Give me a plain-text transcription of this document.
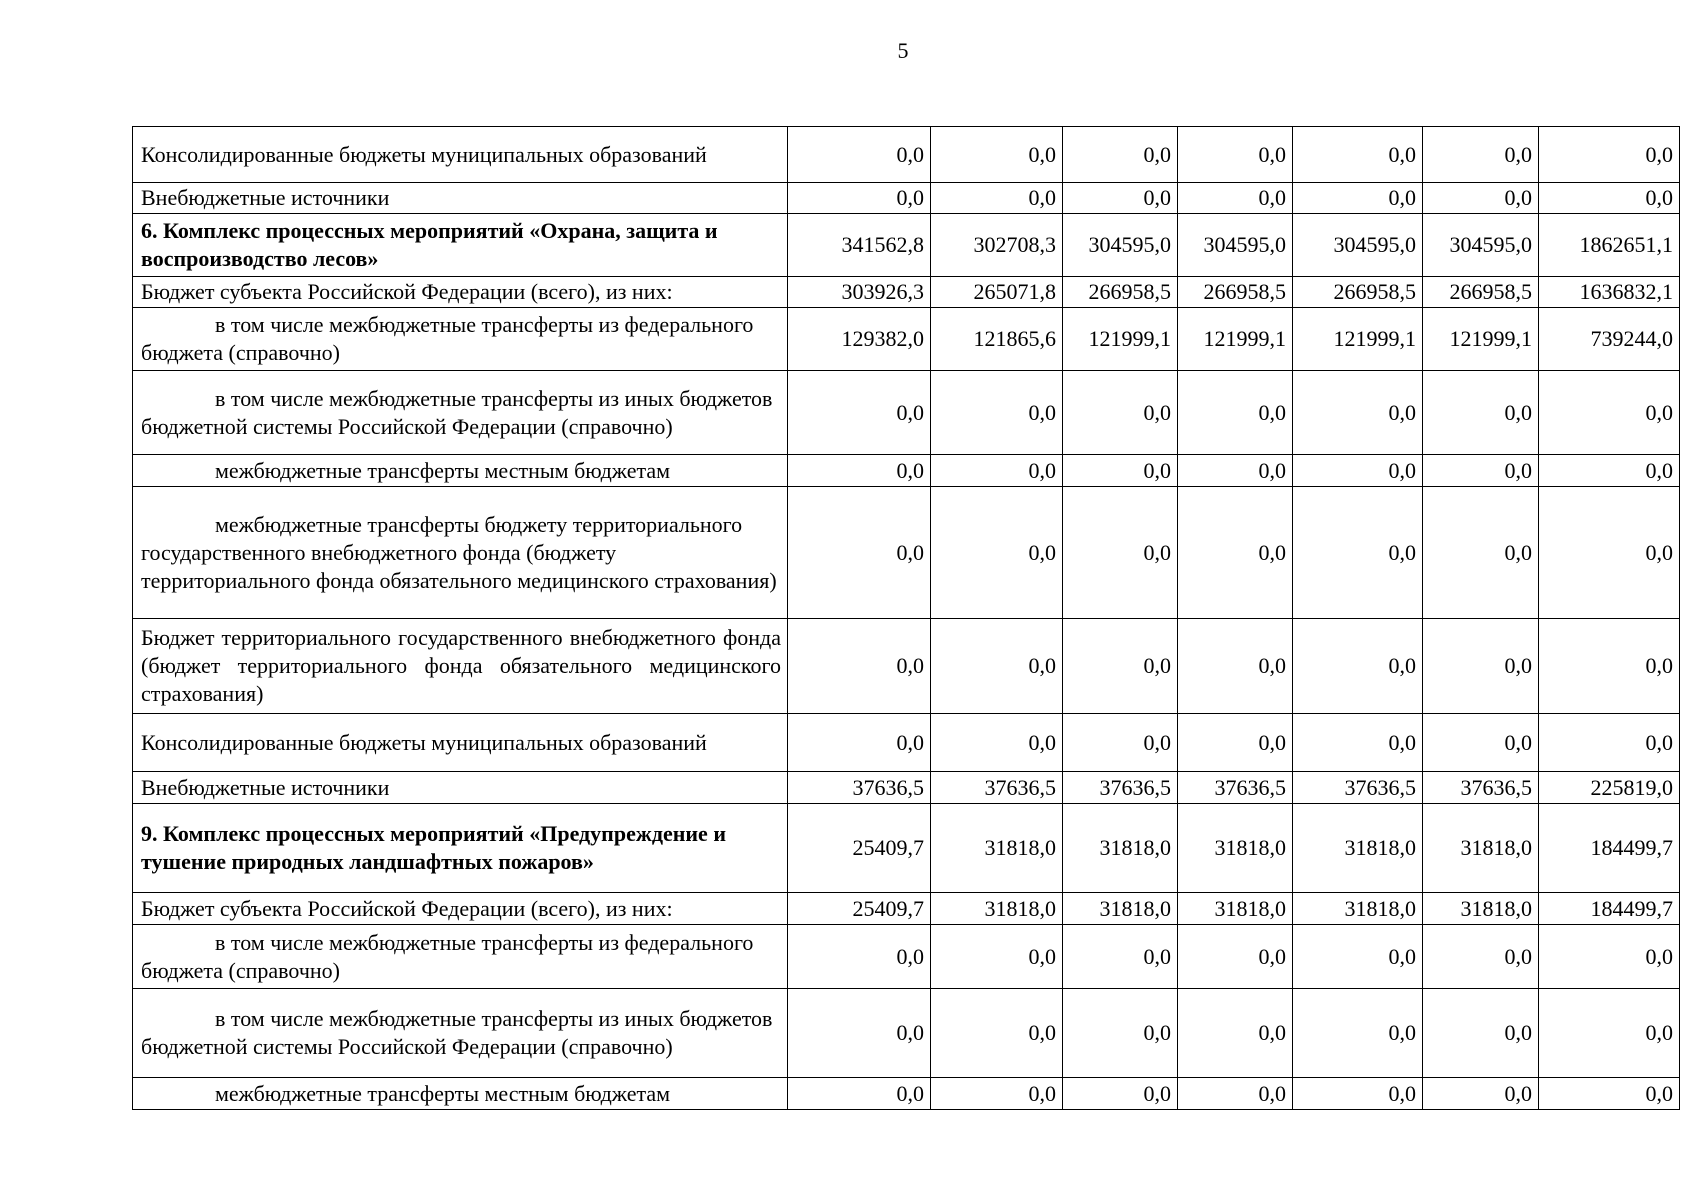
5
Консолидированные бюджеты муниципальных образований	0,0	0,0	0,0	0,0	0,0	0,0	0,0
Внебюджетные источники	0,0	0,0	0,0	0,0	0,0	0,0	0,0
6. Комплекс процессных мероприятий «Охрана, защита и воспроизводство лесов»	341562,8	302708,3	304595,0	304595,0	304595,0	304595,0	1862651,1
Бюджет субъекта Российской Федерации (всего), из них:	303926,3	265071,8	266958,5	266958,5	266958,5	266958,5	1636832,1
в том числе межбюджетные трансферты из федерального бюджета (справочно)	129382,0	121865,6	121999,1	121999,1	121999,1	121999,1	739244,0
в том числе межбюджетные трансферты из иных бюджетов бюджетной системы Российской Федерации (справочно)	0,0	0,0	0,0	0,0	0,0	0,0	0,0
межбюджетные трансферты местным бюджетам	0,0	0,0	0,0	0,0	0,0	0,0	0,0
межбюджетные трансферты бюджету территориального государственного внебюджетного фонда (бюджету территориального фонда обязательного медицинского страхования)	0,0	0,0	0,0	0,0	0,0	0,0	0,0
Бюджет территориального государственного внебюджетного фонда (бюджет территориального фонда обязательного медицинского страхования)	0,0	0,0	0,0	0,0	0,0	0,0	0,0
Консолидированные бюджеты муниципальных образований	0,0	0,0	0,0	0,0	0,0	0,0	0,0
Внебюджетные источники	37636,5	37636,5	37636,5	37636,5	37636,5	37636,5	225819,0
9. Комплекс процессных мероприятий «Предупреждение и тушение природных ландшафтных пожаров»	25409,7	31818,0	31818,0	31818,0	31818,0	31818,0	184499,7
Бюджет субъекта Российской Федерации (всего), из них:	25409,7	31818,0	31818,0	31818,0	31818,0	31818,0	184499,7
в том числе межбюджетные трансферты из федерального бюджета (справочно)	0,0	0,0	0,0	0,0	0,0	0,0	0,0
в том числе межбюджетные трансферты из иных бюджетов бюджетной системы Российской Федерации (справочно)	0,0	0,0	0,0	0,0	0,0	0,0	0,0
межбюджетные трансферты местным бюджетам	0,0	0,0	0,0	0,0	0,0	0,0	0,0
